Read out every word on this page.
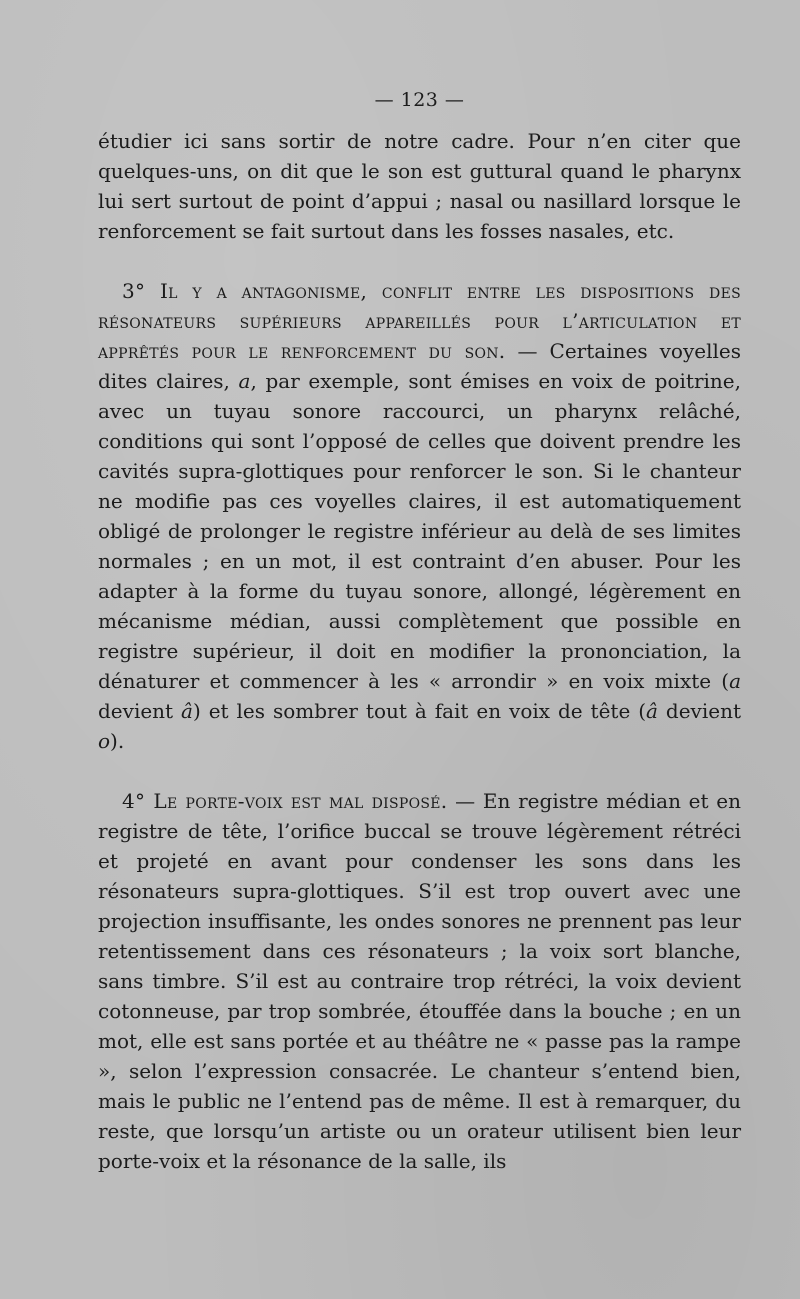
— 123 —

étudier ici sans sortir de notre cadre. Pour n’en citer que quelques-uns, on dit que le son est guttural quand le pharynx lui sert surtout de point d’appui ; nasal ou nasillard lorsque le renforcement se fait surtout dans les fosses nasales, etc.

3° Il y a antagonisme, conflit entre les dispositions des résonateurs supérieurs appareillés pour l’articulation et apprêtés pour le renforcement du son. — Certaines voyelles dites claires, a, par exemple, sont émises en voix de poitrine, avec un tuyau sonore raccourci, un pharynx relâché, conditions qui sont l’opposé de celles que doivent prendre les cavités supra-glottiques pour renforcer le son. Si le chanteur ne modifie pas ces voyelles claires, il est automatiquement obligé de prolonger le registre inférieur au delà de ses limites normales ; en un mot, il est contraint d’en abuser. Pour les adapter à la forme du tuyau sonore, allongé, légèrement en mécanisme médian, aussi complètement que possible en registre supérieur, il doit en modifier la prononciation, la dénaturer et commencer à les « arrondir » en voix mixte (a devient â) et les sombrer tout à fait en voix de tête (â devient o).

4° Le porte-voix est mal disposé. — En registre médian et en registre de tête, l’orifice buccal se trouve légèrement rétréci et projeté en avant pour condenser les sons dans les résonateurs supra-glottiques. S’il est trop ouvert avec une projection insuffisante, les ondes sonores ne prennent pas leur retentissement dans ces résonateurs ; la voix sort blanche, sans timbre. S’il est au contraire trop rétréci, la voix devient cotonneuse, par trop sombrée, étouffée dans la bouche ; en un mot, elle est sans portée et au théâtre ne « passe pas la rampe », selon l’expression consacrée. Le chanteur s’entend bien, mais le public ne l’entend pas de même. Il est à remarquer, du reste, que lorsqu’un artiste ou un orateur utilisent bien leur porte-voix et la résonance de la salle, ils
